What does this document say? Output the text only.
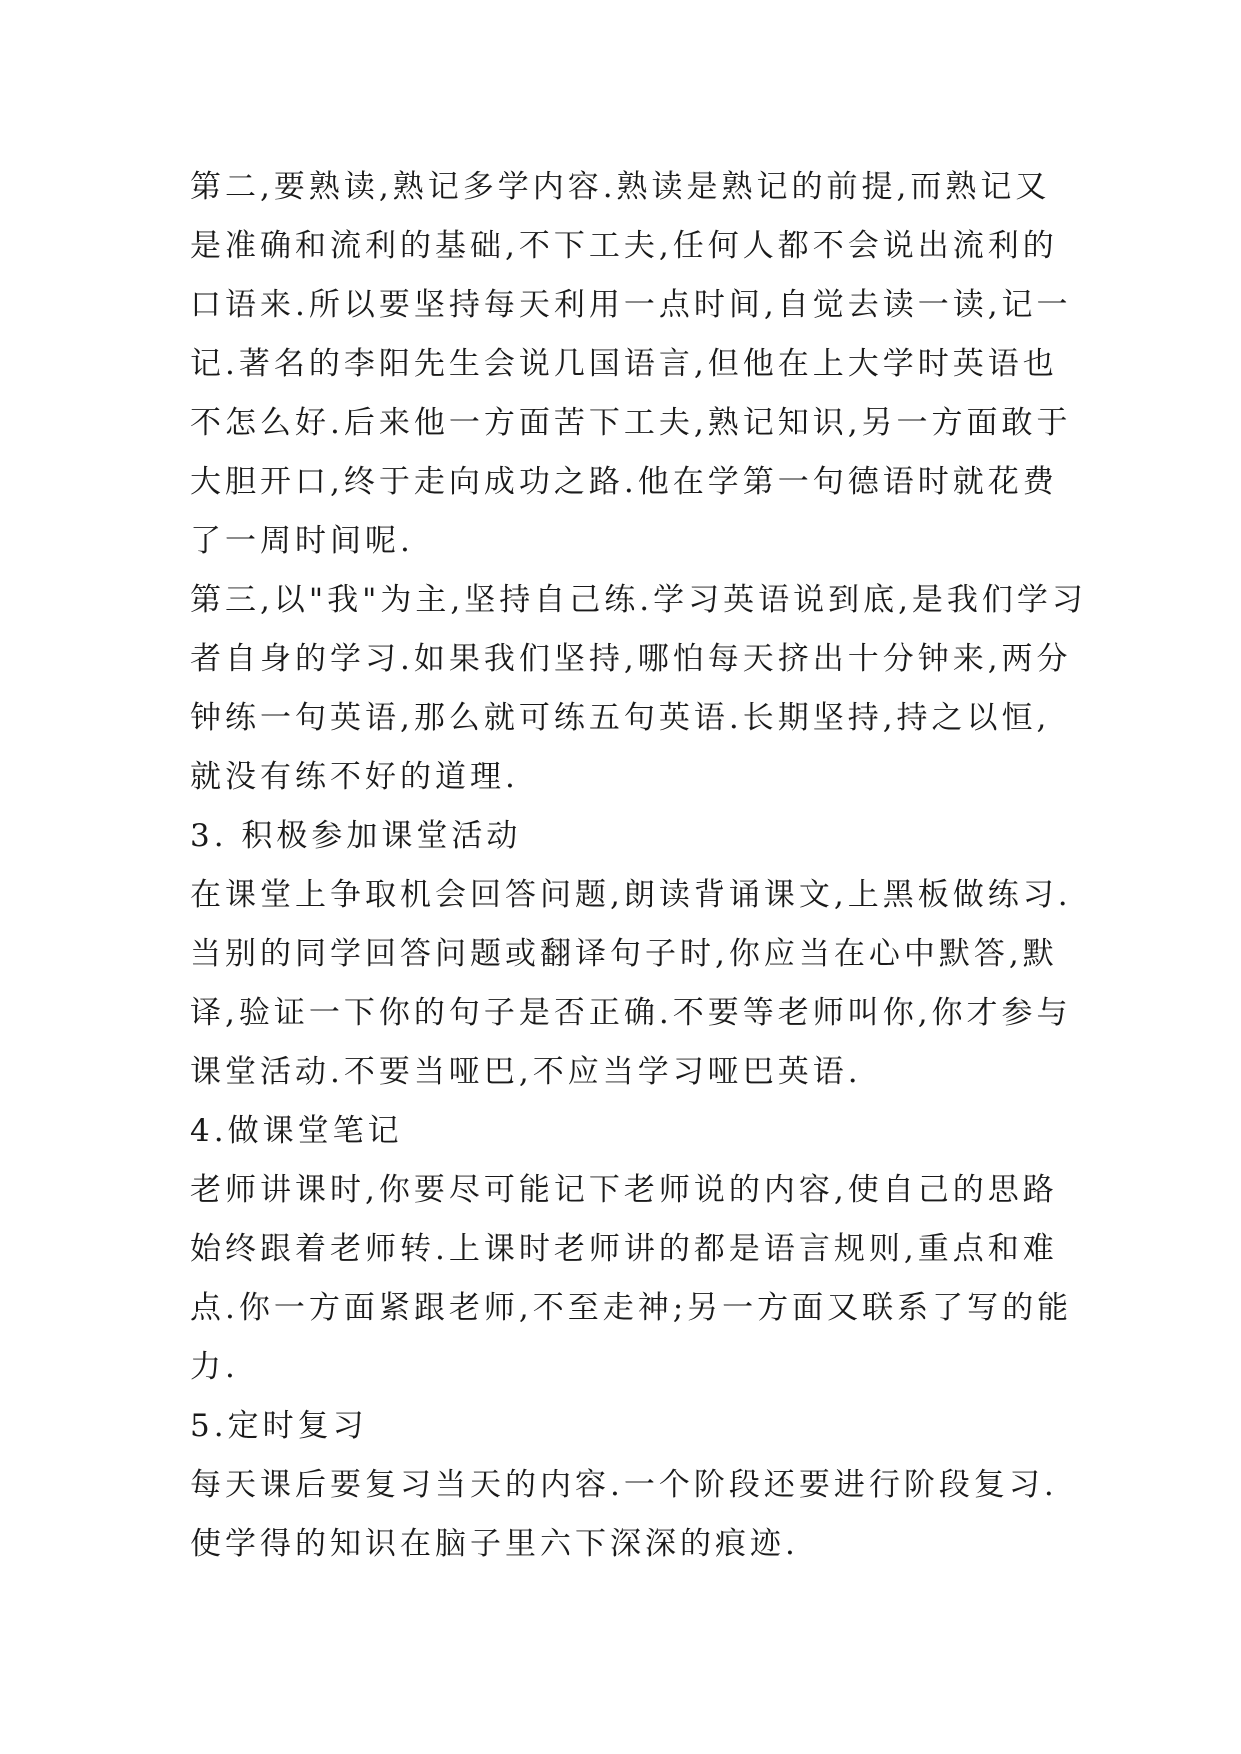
第二,要熟读,熟记多学内容.熟读是熟记的前提,而熟记又
是准确和流利的基础,不下工夫,任何人都不会说出流利的
口语来.所以要坚持每天利用一点时间,自觉去读一读,记一
记.著名的李阳先生会说几国语言,但他在上大学时英语也
不怎么好.后来他一方面苦下工夫,熟记知识,另一方面敢于
大胆开口,终于走向成功之路.他在学第一句德语时就花费
了一周时间呢.
第三,以"我"为主,坚持自己练.学习英语说到底,是我们学习
者自身的学习.如果我们坚持,哪怕每天挤出十分钟来,两分
钟练一句英语,那么就可练五句英语.长期坚持,持之以恒,
就没有练不好的道理.
3. 积极参加课堂活动
在课堂上争取机会回答问题,朗读背诵课文,上黑板做练习.
当别的同学回答问题或翻译句子时,你应当在心中默答,默
译,验证一下你的句子是否正确.不要等老师叫你,你才参与
课堂活动.不要当哑巴,不应当学习哑巴英语.
4.做课堂笔记
老师讲课时,你要尽可能记下老师说的内容,使自己的思路
始终跟着老师转.上课时老师讲的都是语言规则,重点和难
点.你一方面紧跟老师,不至走神;另一方面又联系了写的能
力.
5.定时复习
每天课后要复习当天的内容.一个阶段还要进行阶段复习.
使学得的知识在脑子里六下深深的痕迹.
